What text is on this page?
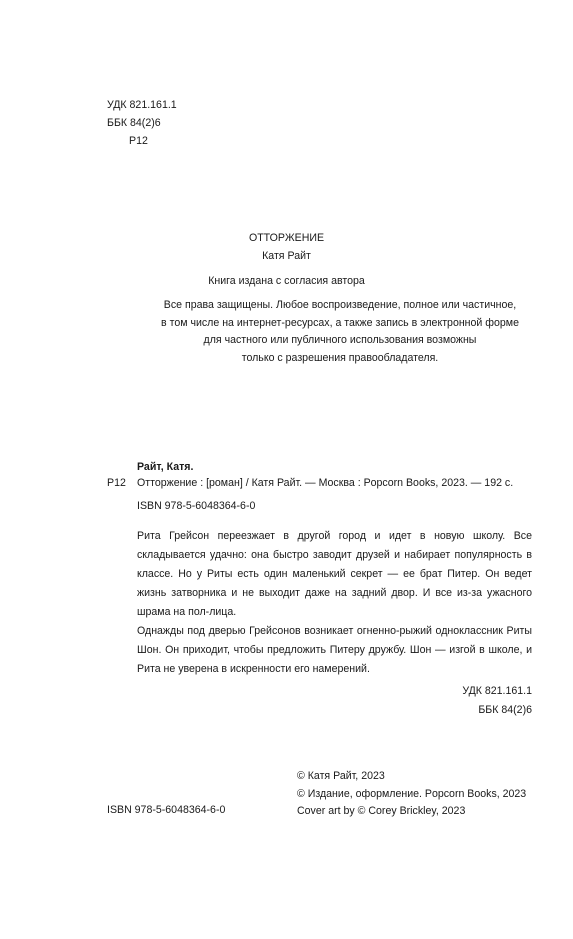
УДК 821.161.1
ББК 84(2)6
Р12
ОТТОРЖЕНИЕ
Катя Райт
Книга издана с согласия автора
Все права защищены. Любое воспроизведение, полное или частичное,
в том числе на интернет-ресурсах, а также запись в электронной форме
для частного или публичного использования возможны
только с разрешения правообладателя.
Р12
Райт, Катя.
Отторжение : [роман] / Катя Райт. — Москва : Popcorn Books, 2023. — 192 с.
ISBN 978-5-6048364-6-0

Рита Грейсон переезжает в другой город и идет в новую школу. Все складывается удачно: она быстро заводит друзей и набирает популярность в классе. Но у Риты есть один маленький секрет — ее брат Питер. Он ведет жизнь затворника и не выходит даже на задний двор. И все из-за ужасного шрама на пол-лица.

Однажды под дверью Грейсонов возникает огненно-рыжий одноклассник Риты Шон. Он приходит, чтобы предложить Питеру дружбу. Шон — изгой в школе, и Рита не уверена в искренности его намерений.

УДК 821.161.1
ББК 84(2)6
© Катя Райт, 2023
© Издание, оформление. Popcorn Books, 2023
Cover art by © Corey Brickley, 2023
ISBN 978-5-6048364-6-0
